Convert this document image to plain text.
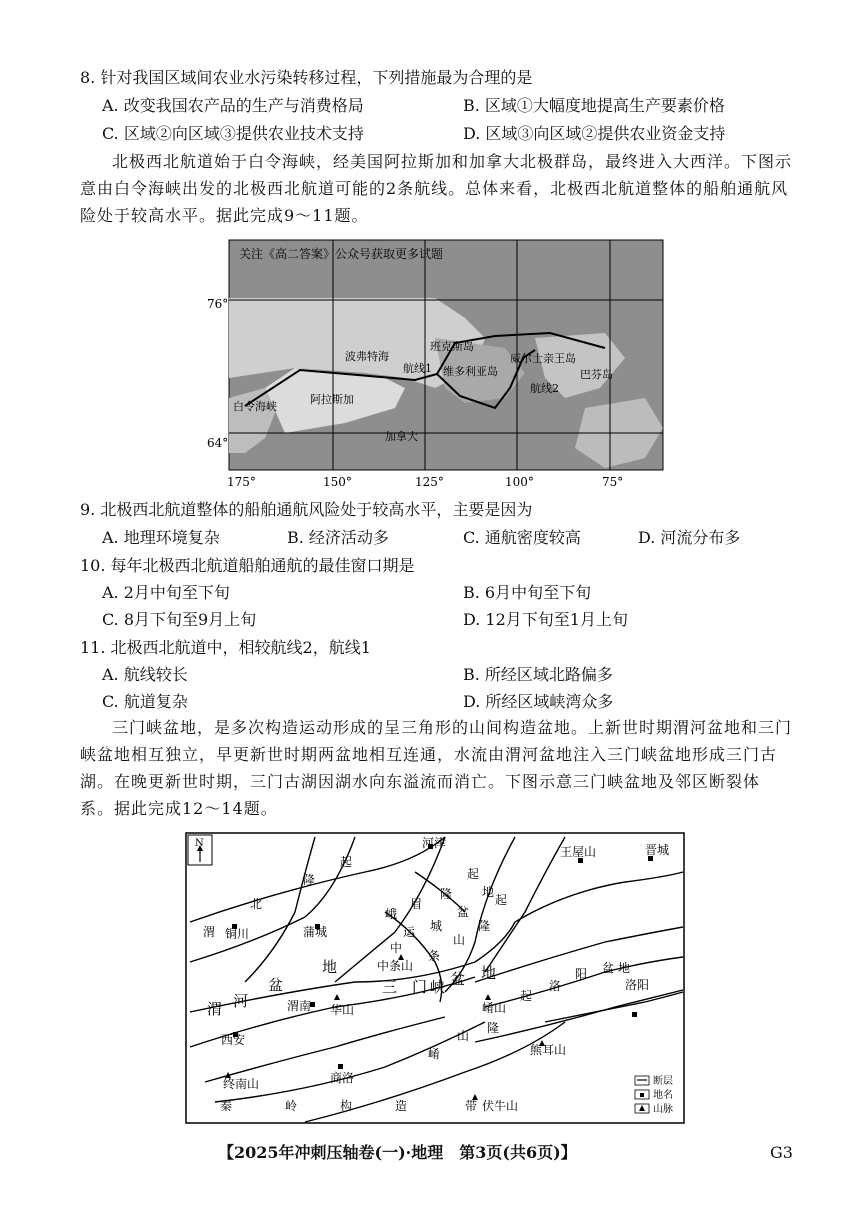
8. 针对我国区域间农业水污染转移过程，下列措施最为合理的是
A. 改变我国农产品的生产与消费格局	B. 区域①大幅度地提高生产要素价格
C. 区域②向区域③提供农业技术支持	D. 区域③向区域②提供农业资金支持
北极西北航道始于白令海峡，经美国阿拉斯加和加拿大北极群岛，最终进入大西洋。下图示意由白令海峡出发的北极西北航道可能的2条航线。总体来看，北极西北航道整体的船舶通航风险处于较高水平。据此完成9～11题。
关注《高二答案》公众号获取更多试题
76°
64°
175°	150°	125°	100°	75°
波弗特海
班克斯岛
航线1 维多利亚岛
威尔士亲王岛
航线2
巴芬岛
白令海峡
阿拉斯加
加拿大
9. 北极西北航道整体的船舶通航风险处于较高水平，主要是因为
A. 地理环境复杂	B. 经济活动多	C. 通航密度较高	D. 河流分布多
10. 每年北极西北航道船舶通航的最佳窗口期是
A. 2月中旬至下旬	B. 6月中旬至下旬
C. 8月下旬至9月上旬	D. 12月下旬至1月上旬
11. 北极西北航道中，相较航线2，航线1
A. 航线较长	B. 所经区域北路偏多
C. 航道复杂	D. 所经区域峡湾众多
三门峡盆地，是多次构造运动形成的呈三角形的山间构造盆地。上新世时期渭河盆地和三门峡盆地相互独立，早更新世时期两盆地相互连通，水流由渭河盆地注入三门峡盆地形成三门古湖。在晚更新世时期，三门古湖因湖水向东溢流而消亡。下图示意三门峡盆地及邻区断裂体系。据此完成12～14题。
N	河津
王屋山	晋城
起
隆	起
北
峨
眉
隆 地
盆
起
渭 铜川	蒲城	运 城
山
隆
中
条
中条山
地
盆
地
盆
峡
三　门
渭 河	渭南 华山	崤山
起
洛
阳 盆
洛阳
地
西安	山
崤
隆
熊耳山
终南山	商洛
秦	岭	构	造	带 伏牛山
断层
地名
山脉
【2025年冲刺压轴卷(一)·地理　第3页(共6页)】	G3
